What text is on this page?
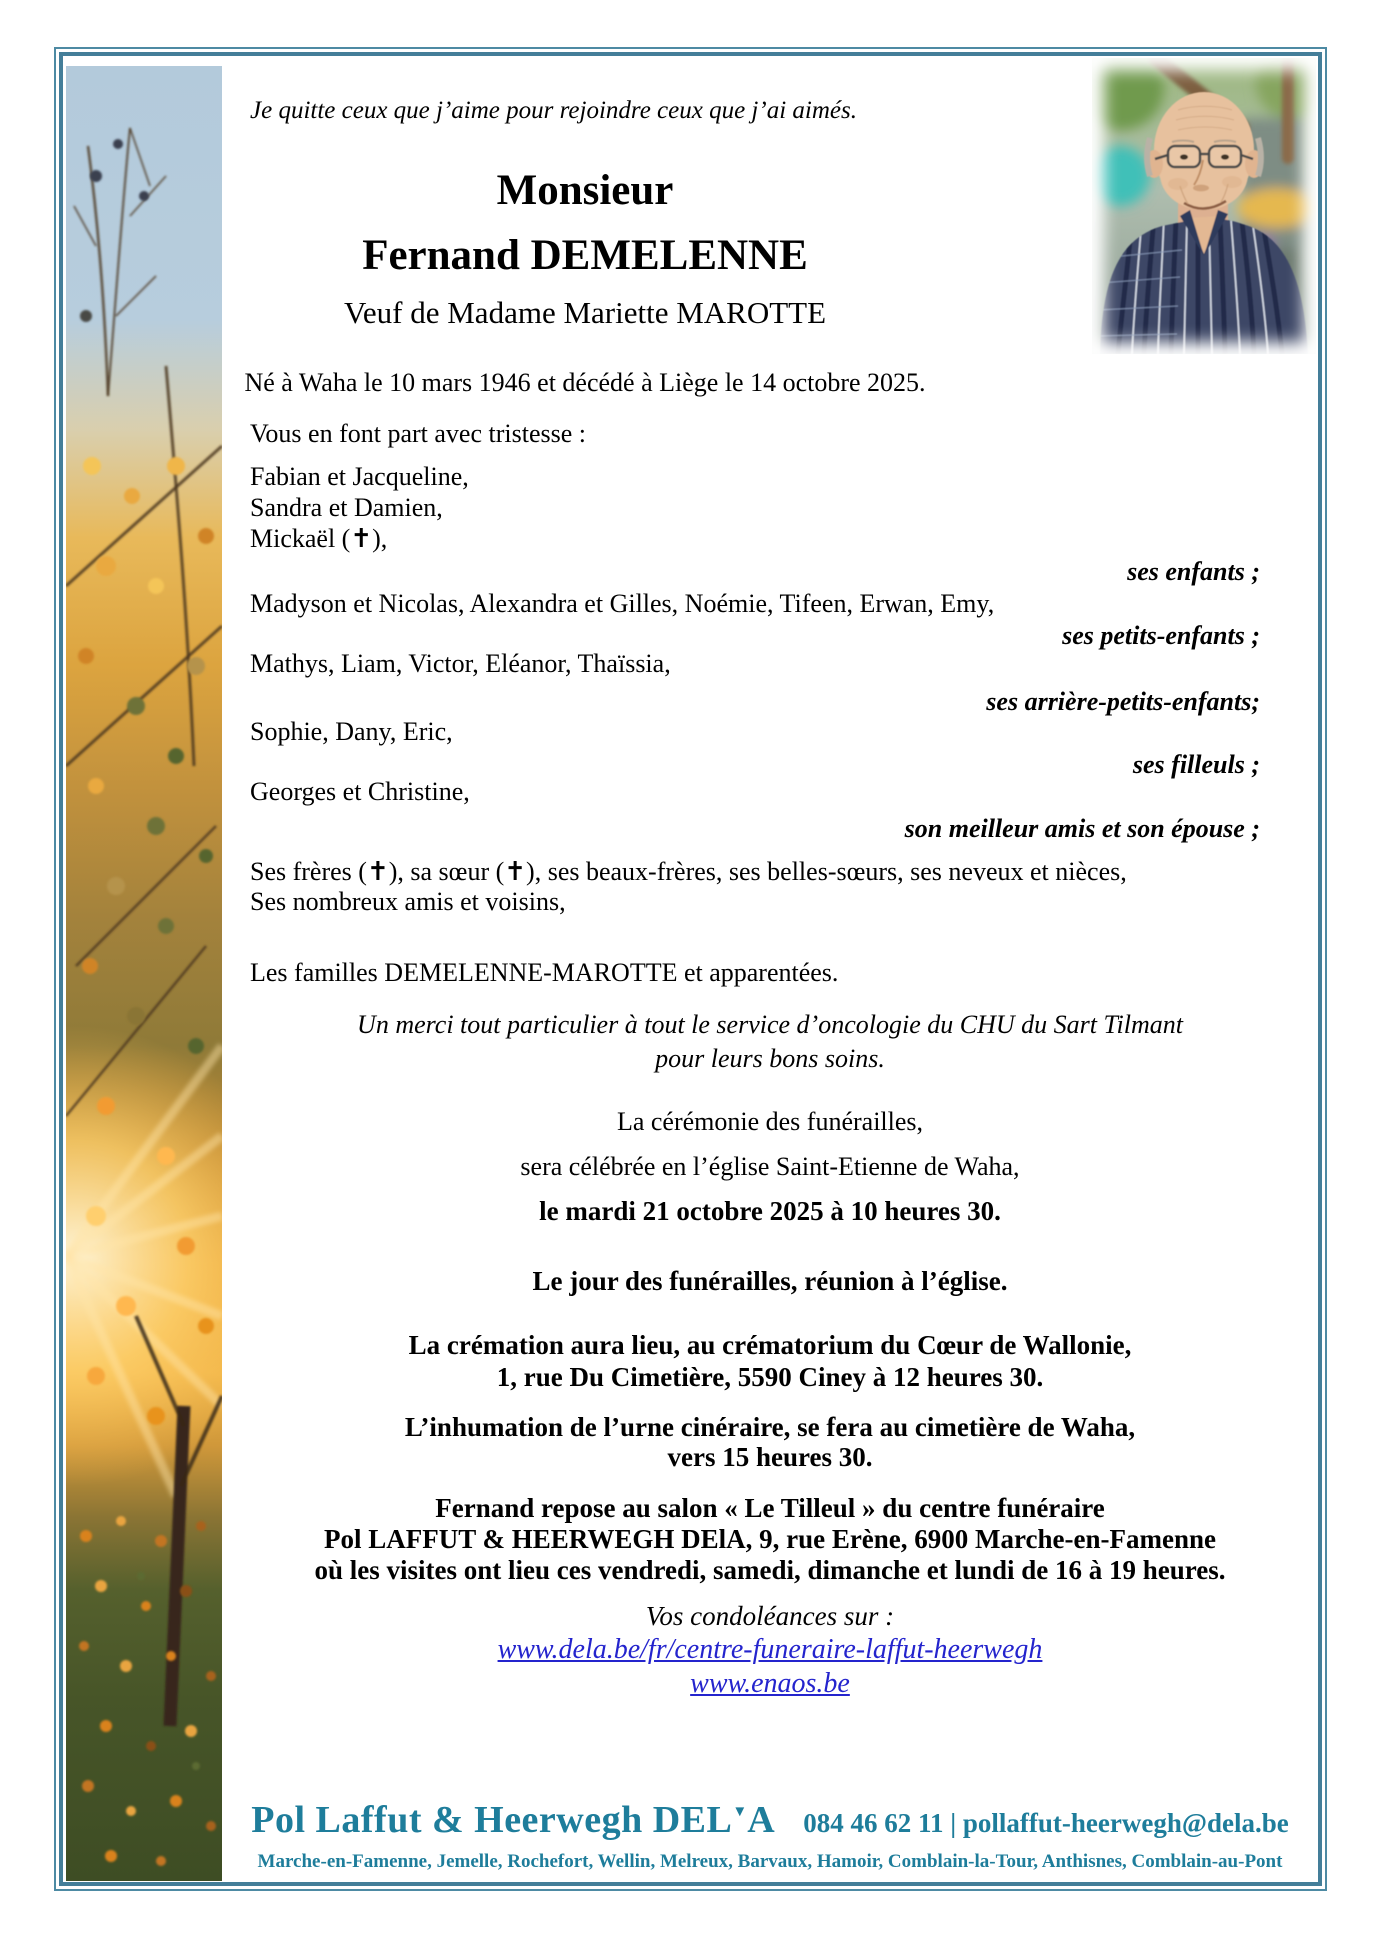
Je quitte ceux que j’aime pour rejoindre ceux que j’ai aimés.
Monsieur
Fernand DEMELENNE
Veuf de Madame Mariette MAROTTE
Né à Waha le 10 mars 1946 et décédé à Liège le 14 octobre 2025.
Vous en font part avec tristesse :
Fabian et Jacqueline,
Sandra et Damien,
Mickaël (✝),
ses enfants ;
Madyson et Nicolas, Alexandra et Gilles, Noémie, Tifeen, Erwan, Emy,
ses petits-enfants ;
Mathys, Liam, Victor, Eléanor, Thaïssia,
ses arrière-petits-enfants;
Sophie, Dany, Eric,
ses filleuls ;
Georges et Christine,
son meilleur amis et son épouse ;
Ses frères (✝), sa sœur (✝), ses beaux-frères, ses belles-sœurs, ses neveux et nièces,
Ses nombreux amis et voisins,
Les familles DEMELENNE-MAROTTE et apparentées.
Un merci tout particulier à tout le service d’oncologie du CHU du Sart Tilmant
pour leurs bons soins.
La cérémonie des funérailles,
sera célébrée en l’église Saint-Etienne de Waha,
le mardi 21 octobre 2025 à 10 heures 30.
Le jour des funérailles, réunion à l’église.
La crémation aura lieu, au crématorium du Cœur de Wallonie,
1, rue Du Cimetière, 5590 Ciney à 12 heures 30.
L’inhumation de l’urne cinéraire, se fera au cimetière de Waha,
vers 15 heures 30.
Fernand repose au salon « Le Tilleul » du centre funéraire
Pol LAFFUT & HEERWEGH DElA, 9, rue Erène, 6900 Marche-en-Famenne
où les visites ont lieu ces vendredi, samedi, dimanche et lundi de 16 à 19 heures.
Vos condoléances sur :
www.dela.be/fr/centre-funeraire-laffut-heerwegh
www.enaos.be
Pol Laffut & Heerwegh DEL▼A 084 46 62 11 | pollaffut-heerwegh@dela.be
Marche-en-Famenne, Jemelle, Rochefort, Wellin, Melreux, Barvaux, Hamoir, Comblain-la-Tour, Anthisnes, Comblain-au-Pont
